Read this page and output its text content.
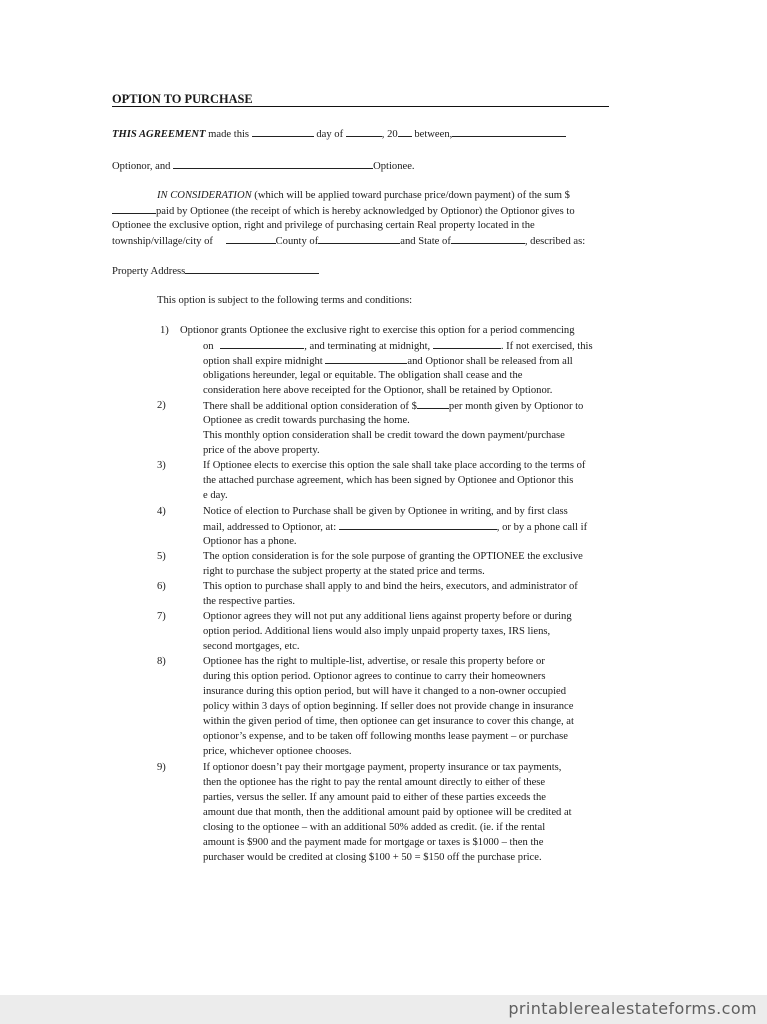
OPTION TO PURCHASE
THIS AGREEMENT made this	day of	, 20 between,
Optionor, and	Optionee.
IN CONSIDERATION (which will be applied toward purchase price/down payment) of the sum $
paid by Optionee (the receipt of which is hereby acknowledged by Optionor) the Optionor gives to
Optionee the exclusive option, right and privilege of purchasing certain Real property located in the
township/village/city of	County of	and State of	, described as:
Property Address
This option is subject to the following terms and conditions:
1) Optionor grants Optionee the exclusive right to exercise this option for a period commencing
on	, and terminating at midnight,	. If not exercised, this
option shall expire midnight	and Optionor shall be released from all
obligations hereunder, legal or equitable. The obligation shall cease and the
consideration here above receipted for the Optionor, shall be retained by Optionor.
2)	There shall be additional option consideration of $	per month given by Optionor to
Optionee as credit towards purchasing the home.
This monthly option consideration shall be credit toward the down payment/purchase
price of the above property.
3)	If Optionee elects to exercise this option the sale shall take place according to the terms of
the attached purchase agreement, which has been signed by Optionee and Optionor this
e day.
4)	Notice of election to Purchase shall be given by Optionee in writing, and by first class
mail, addressed to Optionor, at:	, or by a phone call if
Optionor has a phone.
5)	The option consideration is for the sole purpose of granting the OPTIONEE the exclusive
right to purchase the subject property at the stated price and terms.
6)	This option to purchase shall apply to and bind the heirs, executors, and administrator of
the respective parties.
7)	Optionor agrees they will not put any additional liens against property before or during
option period. Additional liens would also imply unpaid property taxes, IRS liens,
second mortgages, etc.
8)	Optionee has the right to multiple-list, advertise, or resale this property before or
during this option period. Optionor agrees to continue to carry their homeowners
insurance during this option period, but will have it changed to a non-owner occupied
policy within 3 days of option beginning. If seller does not provide change in insurance
within the given period of time, then optionee can get insurance to cover this change, at
optionor’s expense, and to be taken off following months lease payment – or purchase
price, whichever optionee chooses.
9)	If optionor doesn’t pay their mortgage payment, property insurance or tax payments,
then the optionee has the right to pay the rental amount directly to either of these
parties, versus the seller. If any amount paid to either of these parties exceeds the
amount due that month, then the additional amount paid by optionee will be credited at
closing to the optionee – with an additional 50% added as credit. (ie. if the rental
amount is $900 and the payment made for mortgage or taxes is $1000 – then the
purchaser would be credited at closing $100 + 50 = $150 off the purchase price.
printablerealestateforms.com
